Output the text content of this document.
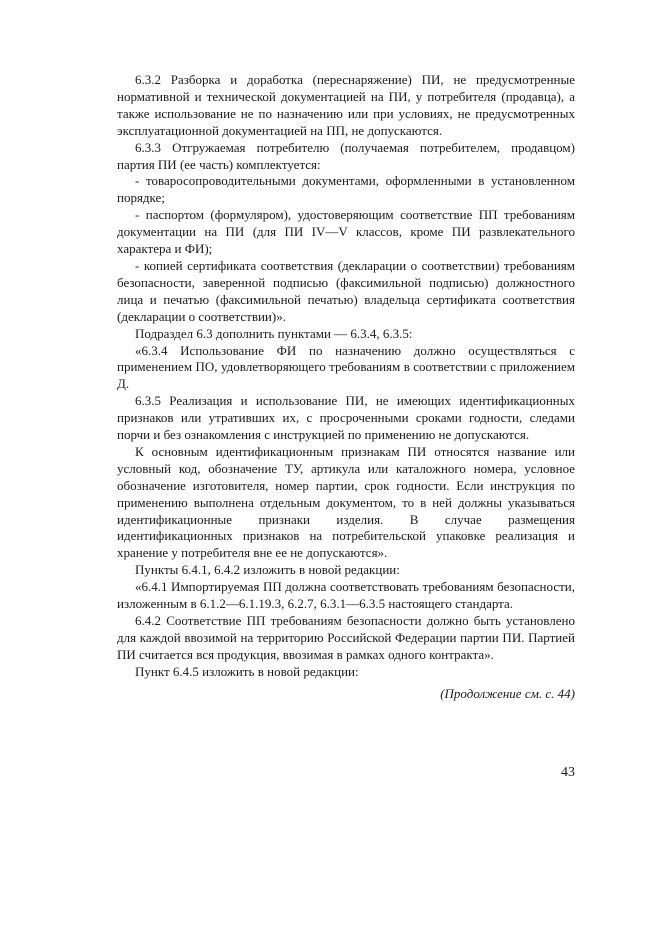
6.3.2 Разборка и доработка (переснаряжение) ПИ, не предусмотренные нормативной и технической документацией на ПИ, у потребителя (продавца), а также использование не по назначению или при условиях, не предусмотренных эксплуатационной документацией на ПП, не допускаются.

6.3.3 Отгружаемая потребителю (получаемая потребителем, продавцом) партия ПИ (ее часть) комплектуется:

- товаросопроводительными документами, оформленными в установленном порядке;

- паспортом (формуляром), удостоверяющим соответствие ПП требованиям документации на ПИ (для ПИ IV—V классов, кроме ПИ развлекательного характера и ФИ);

- копией сертификата соответствия (декларации о соответствии) требованиям безопасности, заверенной подписью (факсимильной подписью) должностного лица и печатью (факсимильной печатью) владельца сертификата соответствия (декларации о соответствии)».

Подраздел 6.3 дополнить пунктами — 6.3.4, 6.3.5:

«6.3.4 Использование ФИ по назначению должно осуществляться с применением ПО, удовлетворяющего требованиям в соответствии с приложением Д.

6.3.5 Реализация и использование ПИ, не имеющих идентификационных признаков или утративших их, с просроченными сроками годности, следами порчи и без ознакомления с инструкцией по применению не допускаются.

К основным идентификационным признакам ПИ относятся название или условный код, обозначение ТУ, артикула или каталожного номера, условное обозначение изготовителя, номер партии, срок годности. Если инструкция по применению выполнена отдельным документом, то в ней должны указываться идентификационные признаки изделия. В случае размещения идентификационных признаков на потребительской упаковке реализация и хранение у потребителя вне ее не допускаются».

Пункты 6.4.1, 6.4.2 изложить в новой редакции:

«6.4.1 Импортируемая ПП должна соответствовать требованиям безопасности, изложенным в 6.1.2—6.1.19.3, 6.2.7, 6.3.1—6.3.5 настоящего стандарта.

6.4.2 Соответствие ПП требованиям безопасности должно быть установлено для каждой ввозимой на территорию Российской Федерации партии ПИ. Партией ПИ считается вся продукция, ввозимая в рамках одного контракта».

Пункт 6.4.5 изложить в новой редакции:

(Продолжение см. с. 44)

43
